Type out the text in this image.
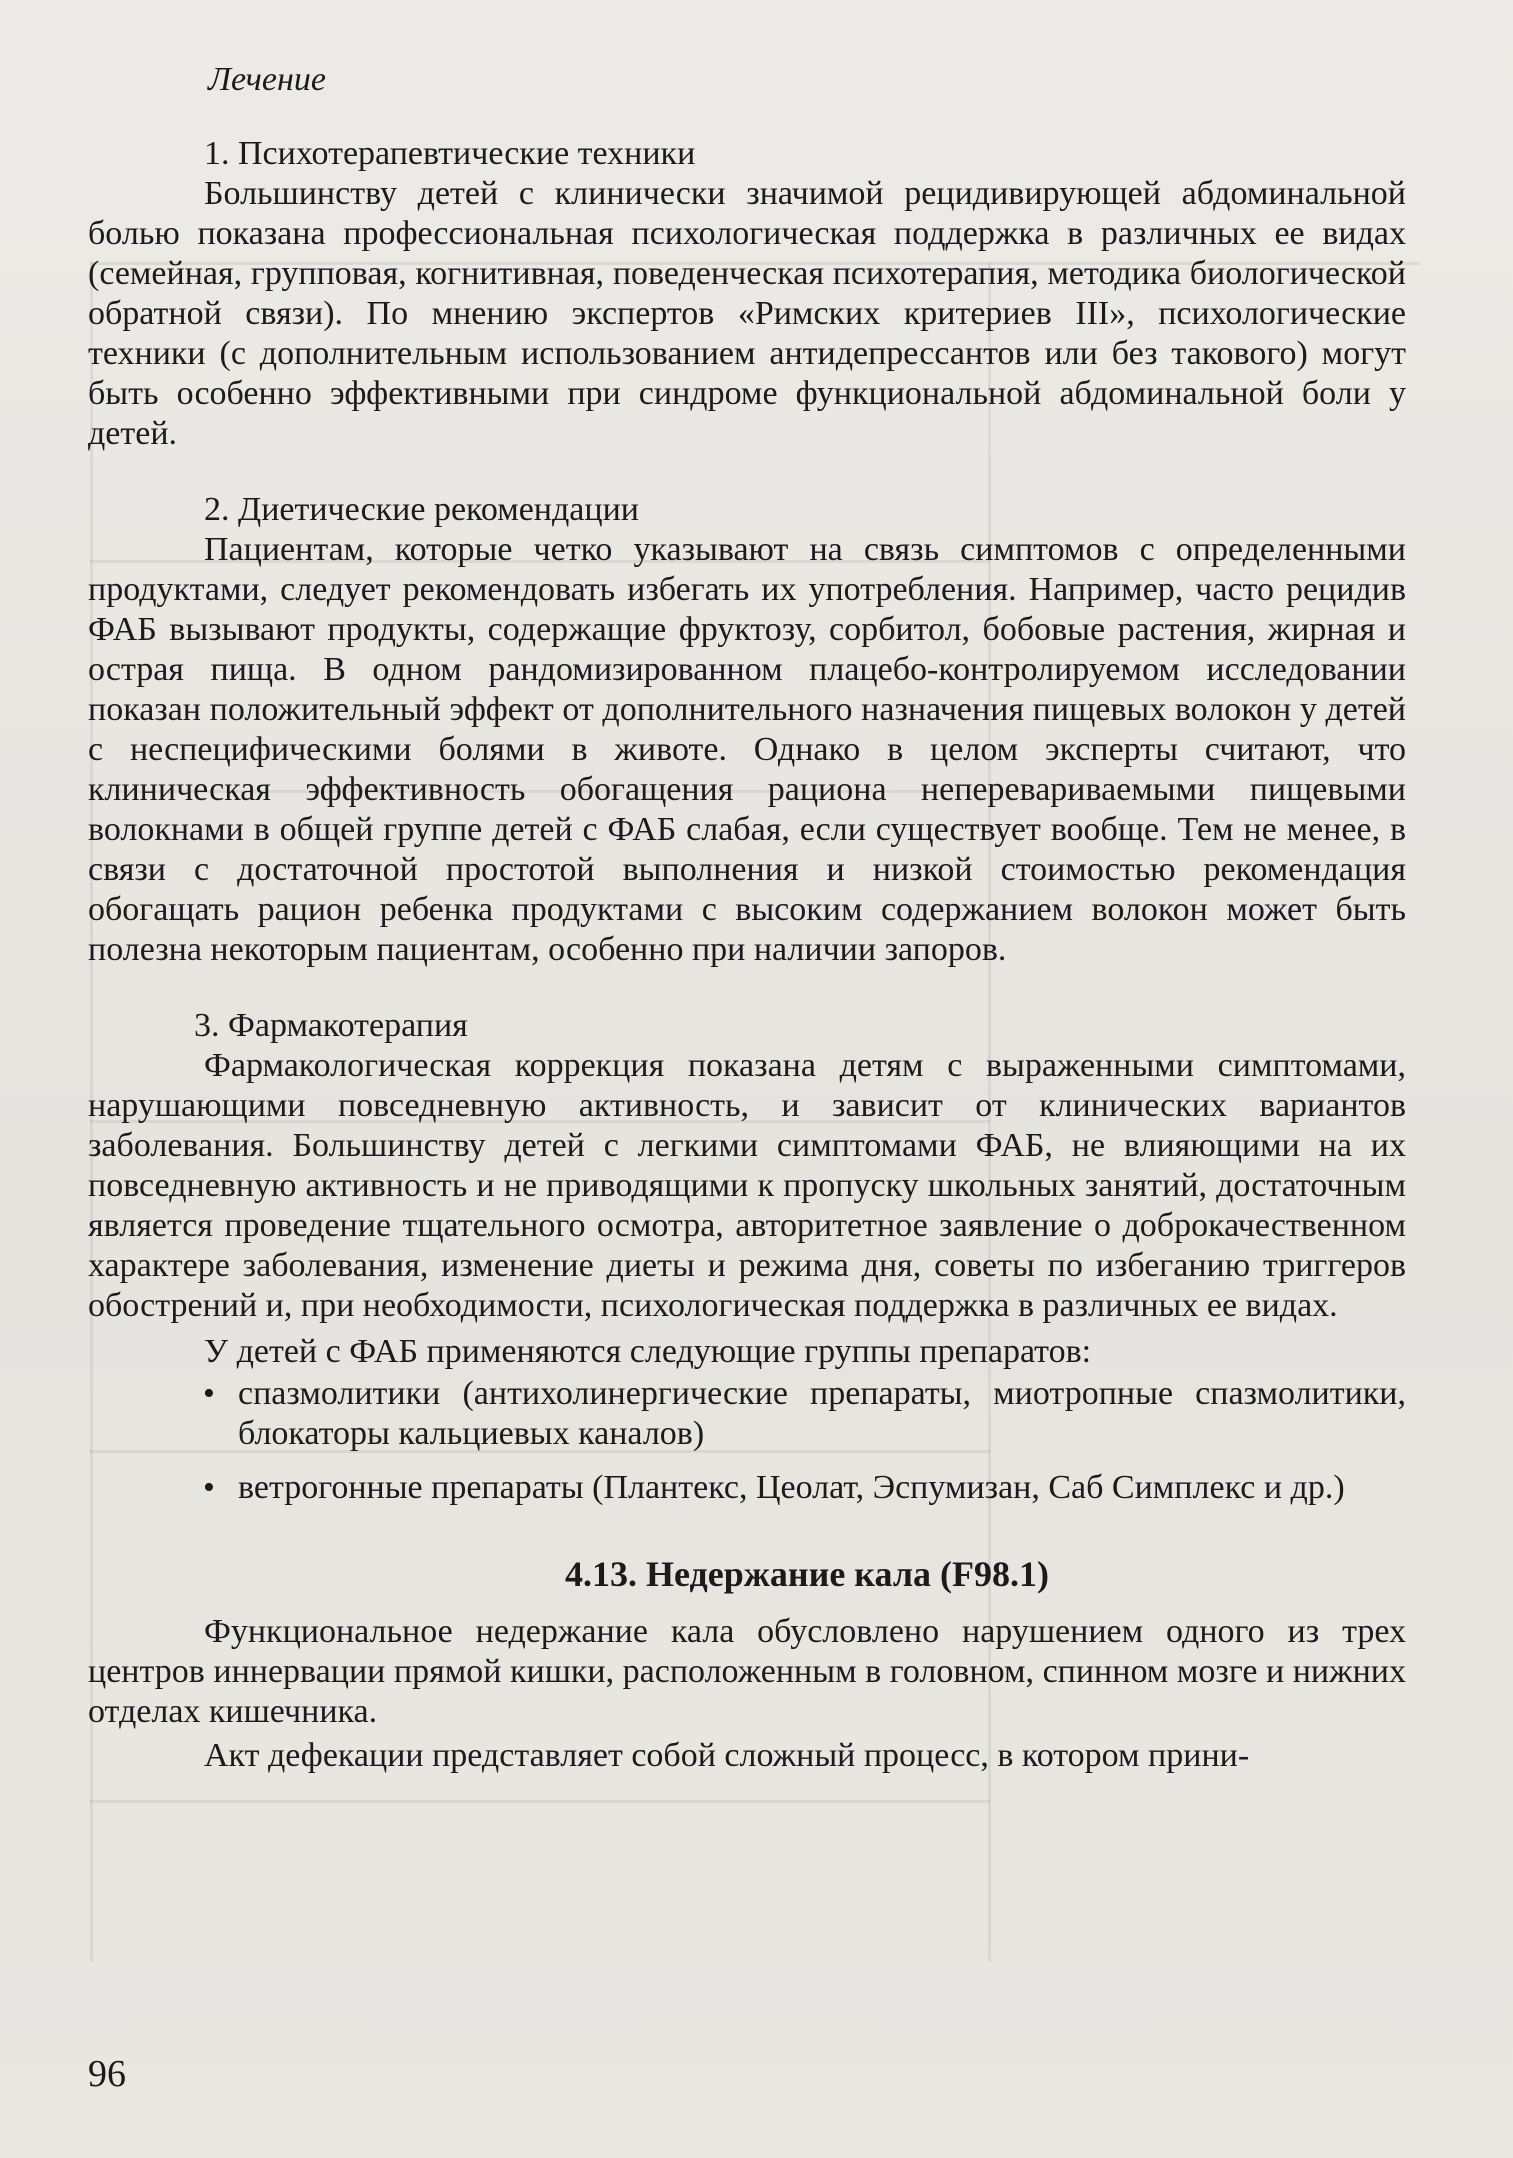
Лечение
1. Психотерапевтические техники

Большинству детей с клинически значимой рецидивирующей абдоминальной болью показана профессиональная психологическая поддержка в различных ее видах (семейная, групповая, когнитивная, поведенческая психотерапия, методика биологической обратной связи). По мнению экспертов «Римских критериев III», психологические техники (с дополнительным использованием антидепрессантов или без такового) могут быть особенно эффективными при синдроме функциональной абдоминальной боли у детей.

2. Диетические рекомендации

Пациентам, которые четко указывают на связь симптомов с определенными продуктами, следует рекомендовать избегать их употребления. Например, часто рецидив ФАБ вызывают продукты, содержащие фруктозу, сорбитол, бобовые растения, жирная и острая пища. В одном рандомизированном плацебо-контролируемом исследовании показан положительный эффект от дополнительного назначения пищевых волокон у детей с неспецифическими болями в животе. Однако в целом эксперты считают, что клиническая эффективность обогащения рациона неперевариваемыми пищевыми волокнами в общей группе детей с ФАБ слабая, если существует вообще. Тем не менее, в связи с достаточной простотой выполнения и низкой стоимостью рекомендация обогащать рацион ребенка продуктами с высоким содержанием волокон может быть полезна некоторым пациентам, особенно при наличии запоров.

3. Фармакотерапия

Фармакологическая коррекция показана детям с выраженными симптомами, нарушающими повседневную активность, и зависит от клинических вариантов заболевания. Большинству детей с легкими симптомами ФАБ, не влияющими на их повседневную активность и не приводящими к пропуску школьных занятий, достаточным является проведение тщательного осмотра, авторитетное заявление о доброкачественном характере заболевания, изменение диеты и режима дня, советы по избеганию триггеров обострений и, при необходимости, психологическая поддержка в различных ее видах.

У детей с ФАБ применяются следующие группы препаратов:

• спазмолитики (антихолинергические препараты, миотропные спазмолитики, блокаторы кальциевых каналов)
• ветрогонные препараты (Плантекс, Цеолат, Эспумизан, Саб Симплекс и др.)
4.13. Недержание кала (F98.1)

Функциональное недержание кала обусловлено нарушением одного из трех центров иннервации прямой кишки, расположенным в головном, спинном мозге и нижних отделах кишечника.

Акт дефекации представляет собой сложный процесс, в котором прини-

96
